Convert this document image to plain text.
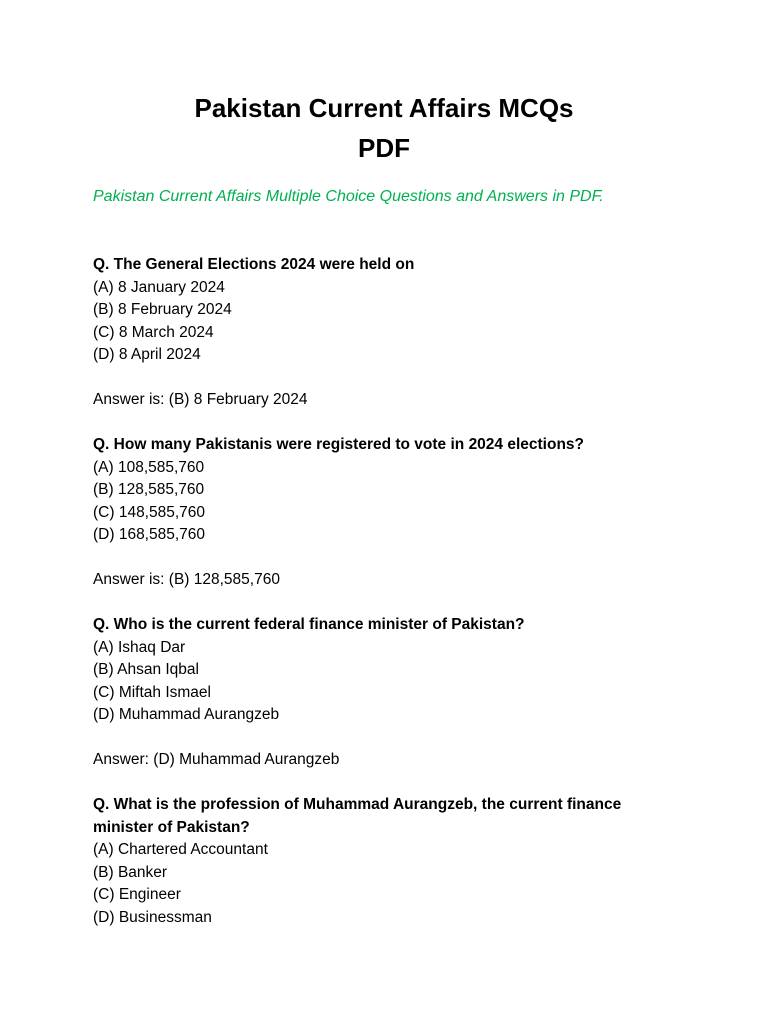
Pakistan Current Affairs MCQs
PDF
Pakistan Current Affairs Multiple Choice Questions and Answers in PDF.
Q. The General Elections 2024 were held on
(A) 8 January 2024
(B) 8 February 2024
(C) 8 March 2024
(D) 8 April 2024
Answer is: (B) 8 February 2024
Q. How many Pakistanis were registered to vote in 2024 elections?
(A) 108,585,760
(B) 128,585,760
(C) 148,585,760
(D) 168,585,760
Answer is: (B) 128,585,760
Q. Who is the current federal finance minister of Pakistan?
(A) Ishaq Dar
(B) Ahsan Iqbal
(C) Miftah Ismael
(D) Muhammad Aurangzeb
Answer: (D) Muhammad Aurangzeb
Q. What is the profession of Muhammad Aurangzeb, the current finance minister of Pakistan?
(A) Chartered Accountant
(B) Banker
(C) Engineer
(D) Businessman
